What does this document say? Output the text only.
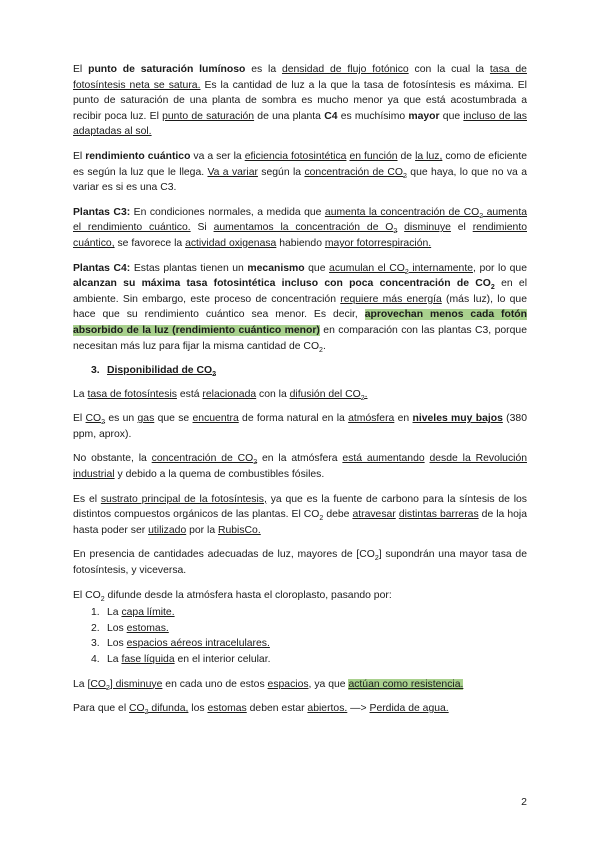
El punto de saturación lumínoso es la densidad de flujo fotónico con la cual la tasa de fotosíntesis neta se satura. Es la cantidad de luz a la que la tasa de fotosíntesis es máxima. El punto de saturación de una planta de sombra es mucho menor ya que está acostumbrada a recibir poca luz. El punto de saturación de una planta C4 es muchísimo mayor que incluso de las adaptadas al sol.

El rendimiento cuántico va a ser la eficiencia fotosintética en función de la luz, como de eficiente es según la luz que le llega. Va a variar según la concentración de $CO_2$ que haya, lo que no va a variar es si es una C3.

Plantas C3: En condiciones normales, a medida que aumenta la concentración de $CO_2$ aumenta el rendimiento cuántico. Si aumentamos la concentración de $O_2$ disminuye el rendimiento cuántico, se favorece la actividad oxigenasa habiendo mayor fotorrespiración.

Plantas C4: Estas plantas tienen un mecanismo que acumulan el $CO_2$ internamente, por lo que alcanzan su máxima tasa fotosintética incluso con poca concentración de $CO_2$ en el ambiente. Sin embargo, este proceso de concentración requiere más energía (más luz), lo que hace que su rendimiento cuántico sea menor. Es decir, aprovechan menos cada fotón absorbido de la luz (rendimiento cuántico menor) en comparación con las plantas C3, porque necesitan más luz para fijar la misma cantidad de $CO_2$.

3. Disponibilidad de $CO_2$

La tasa de fotosíntesis está relacionada con la difusión del $CO_2$.

El $CO_2$ es un gas que se encuentra de forma natural en la atmósfera en niveles muy bajos (380 ppm, aprox).

No obstante, la concentración de $CO_2$ en la atmósfera está aumentando desde la Revolución industrial y debido a la quema de combustibles fósiles.

Es el sustrato principal de la fotosíntesis, ya que es la fuente de carbono para la síntesis de los distintos compuestos orgánicos de las plantas. El $CO_2$ debe atravesar distintas barreras de la hoja hasta poder ser utilizado por la RubisCo.

En presencia de cantidades adecuadas de luz, mayores de $[CO_2]$ supondrán una mayor tasa de fotosíntesis, y viceversa.

El $CO_2$ difunde desde la atmósfera hasta el cloroplasto, pasando por:

1. La capa límite.
2. Los estomas.
3. Los espacios aéreos intracelulares.
4. La fase líquida en el interior celular.

La $[CO_2]$ disminuye en cada uno de estos espacios, ya que actúan como resistencia.

Para que el $CO_2$ difunda, los estomas deben estar abiertos. —> Perdida de agua.

2
